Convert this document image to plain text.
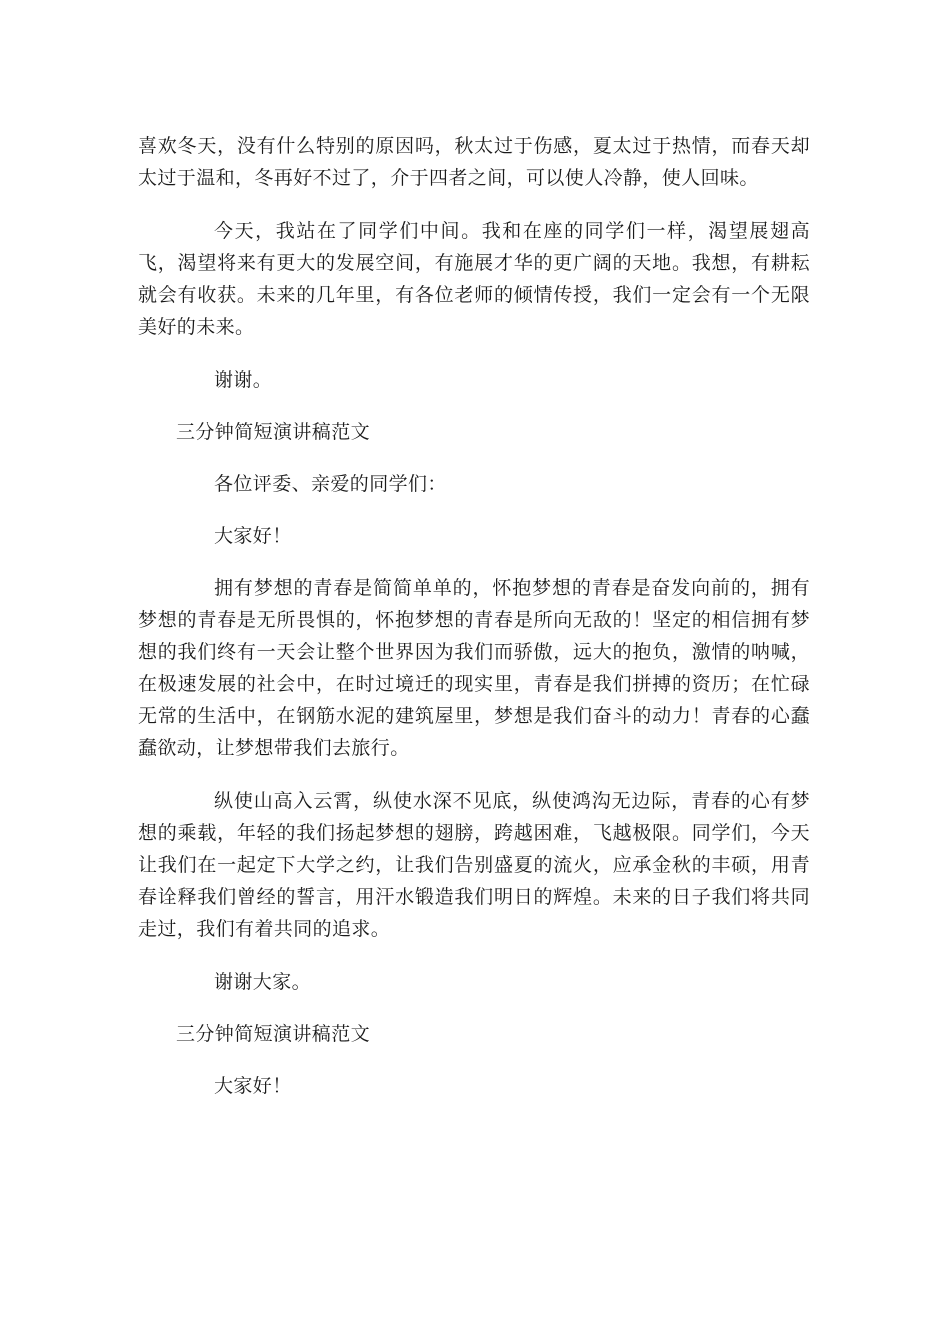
喜欢冬天，没有什么特别的原因吗，秋太过于伤感，夏太过于热情，而春天却太过于温和，冬再好不过了，介于四者之间，可以使人冷静，使人回味。

今天，我站在了同学们中间。我和在座的同学们一样，渴望展翅高飞，渴望将来有更大的发展空间，有施展才华的更广阔的天地。我想，有耕耘就会有收获。未来的几年里，有各位老师的倾情传授，我们一定会有一个无限美好的未来。

谢谢。

三分钟简短演讲稿范文

各位评委、亲爱的同学们：

大家好！

拥有梦想的青春是简简单单的，怀抱梦想的青春是奋发向前的，拥有梦想的青春是无所畏惧的，怀抱梦想的青春是所向无敌的！坚定的相信拥有梦想的我们终有一天会让整个世界因为我们而骄傲，远大的抱负，激情的呐喊，在极速发展的社会中，在时过境迁的现实里，青春是我们拼搏的资历；在忙碌无常的生活中，在钢筋水泥的建筑屋里，梦想是我们奋斗的动力！青春的心蠢蠢欲动，让梦想带我们去旅行。

纵使山高入云霄，纵使水深不见底，纵使鸿沟无边际，青春的心有梦想的乘载，年轻的我们扬起梦想的翅膀，跨越困难，飞越极限。同学们，今天让我们在一起定下大学之约，让我们告别盛夏的流火，应承金秋的丰硕，用青春诠释我们曾经的誓言，用汗水锻造我们明日的辉煌。未来的日子我们将共同走过，我们有着共同的追求。

谢谢大家。

三分钟简短演讲稿范文

大家好！
